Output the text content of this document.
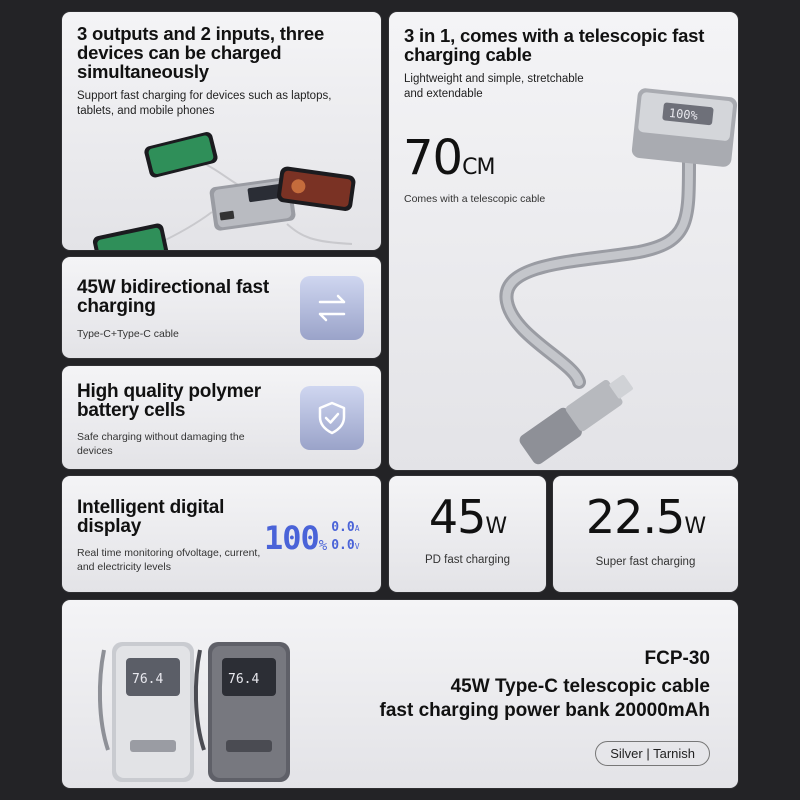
3 outputs and 2 inputs, three devices can be charged simultaneously

Support fast charging for devices such as laptops, tablets, and mobile phones

3 in 1, comes with a telescopic fast charging cable

Lightweight and simple, stretchable and extendable
70CM
Comes with a telescopic cable
100%

45W bidirectional fast charging

Type-C+Type-C cable

High quality polymer battery cells

Safe charging without damaging the devices

Intelligent digital display

Real time monitoring ofvoltage, current, and electricity levels
100 %
0.0A
0.0V
45W
PD fast charging
22.5W
Super fast charging
76.4	76.4
FCP-30
45W Type-C telescopic cable
fast charging power bank 20000mAh
Silver | Tarnish
